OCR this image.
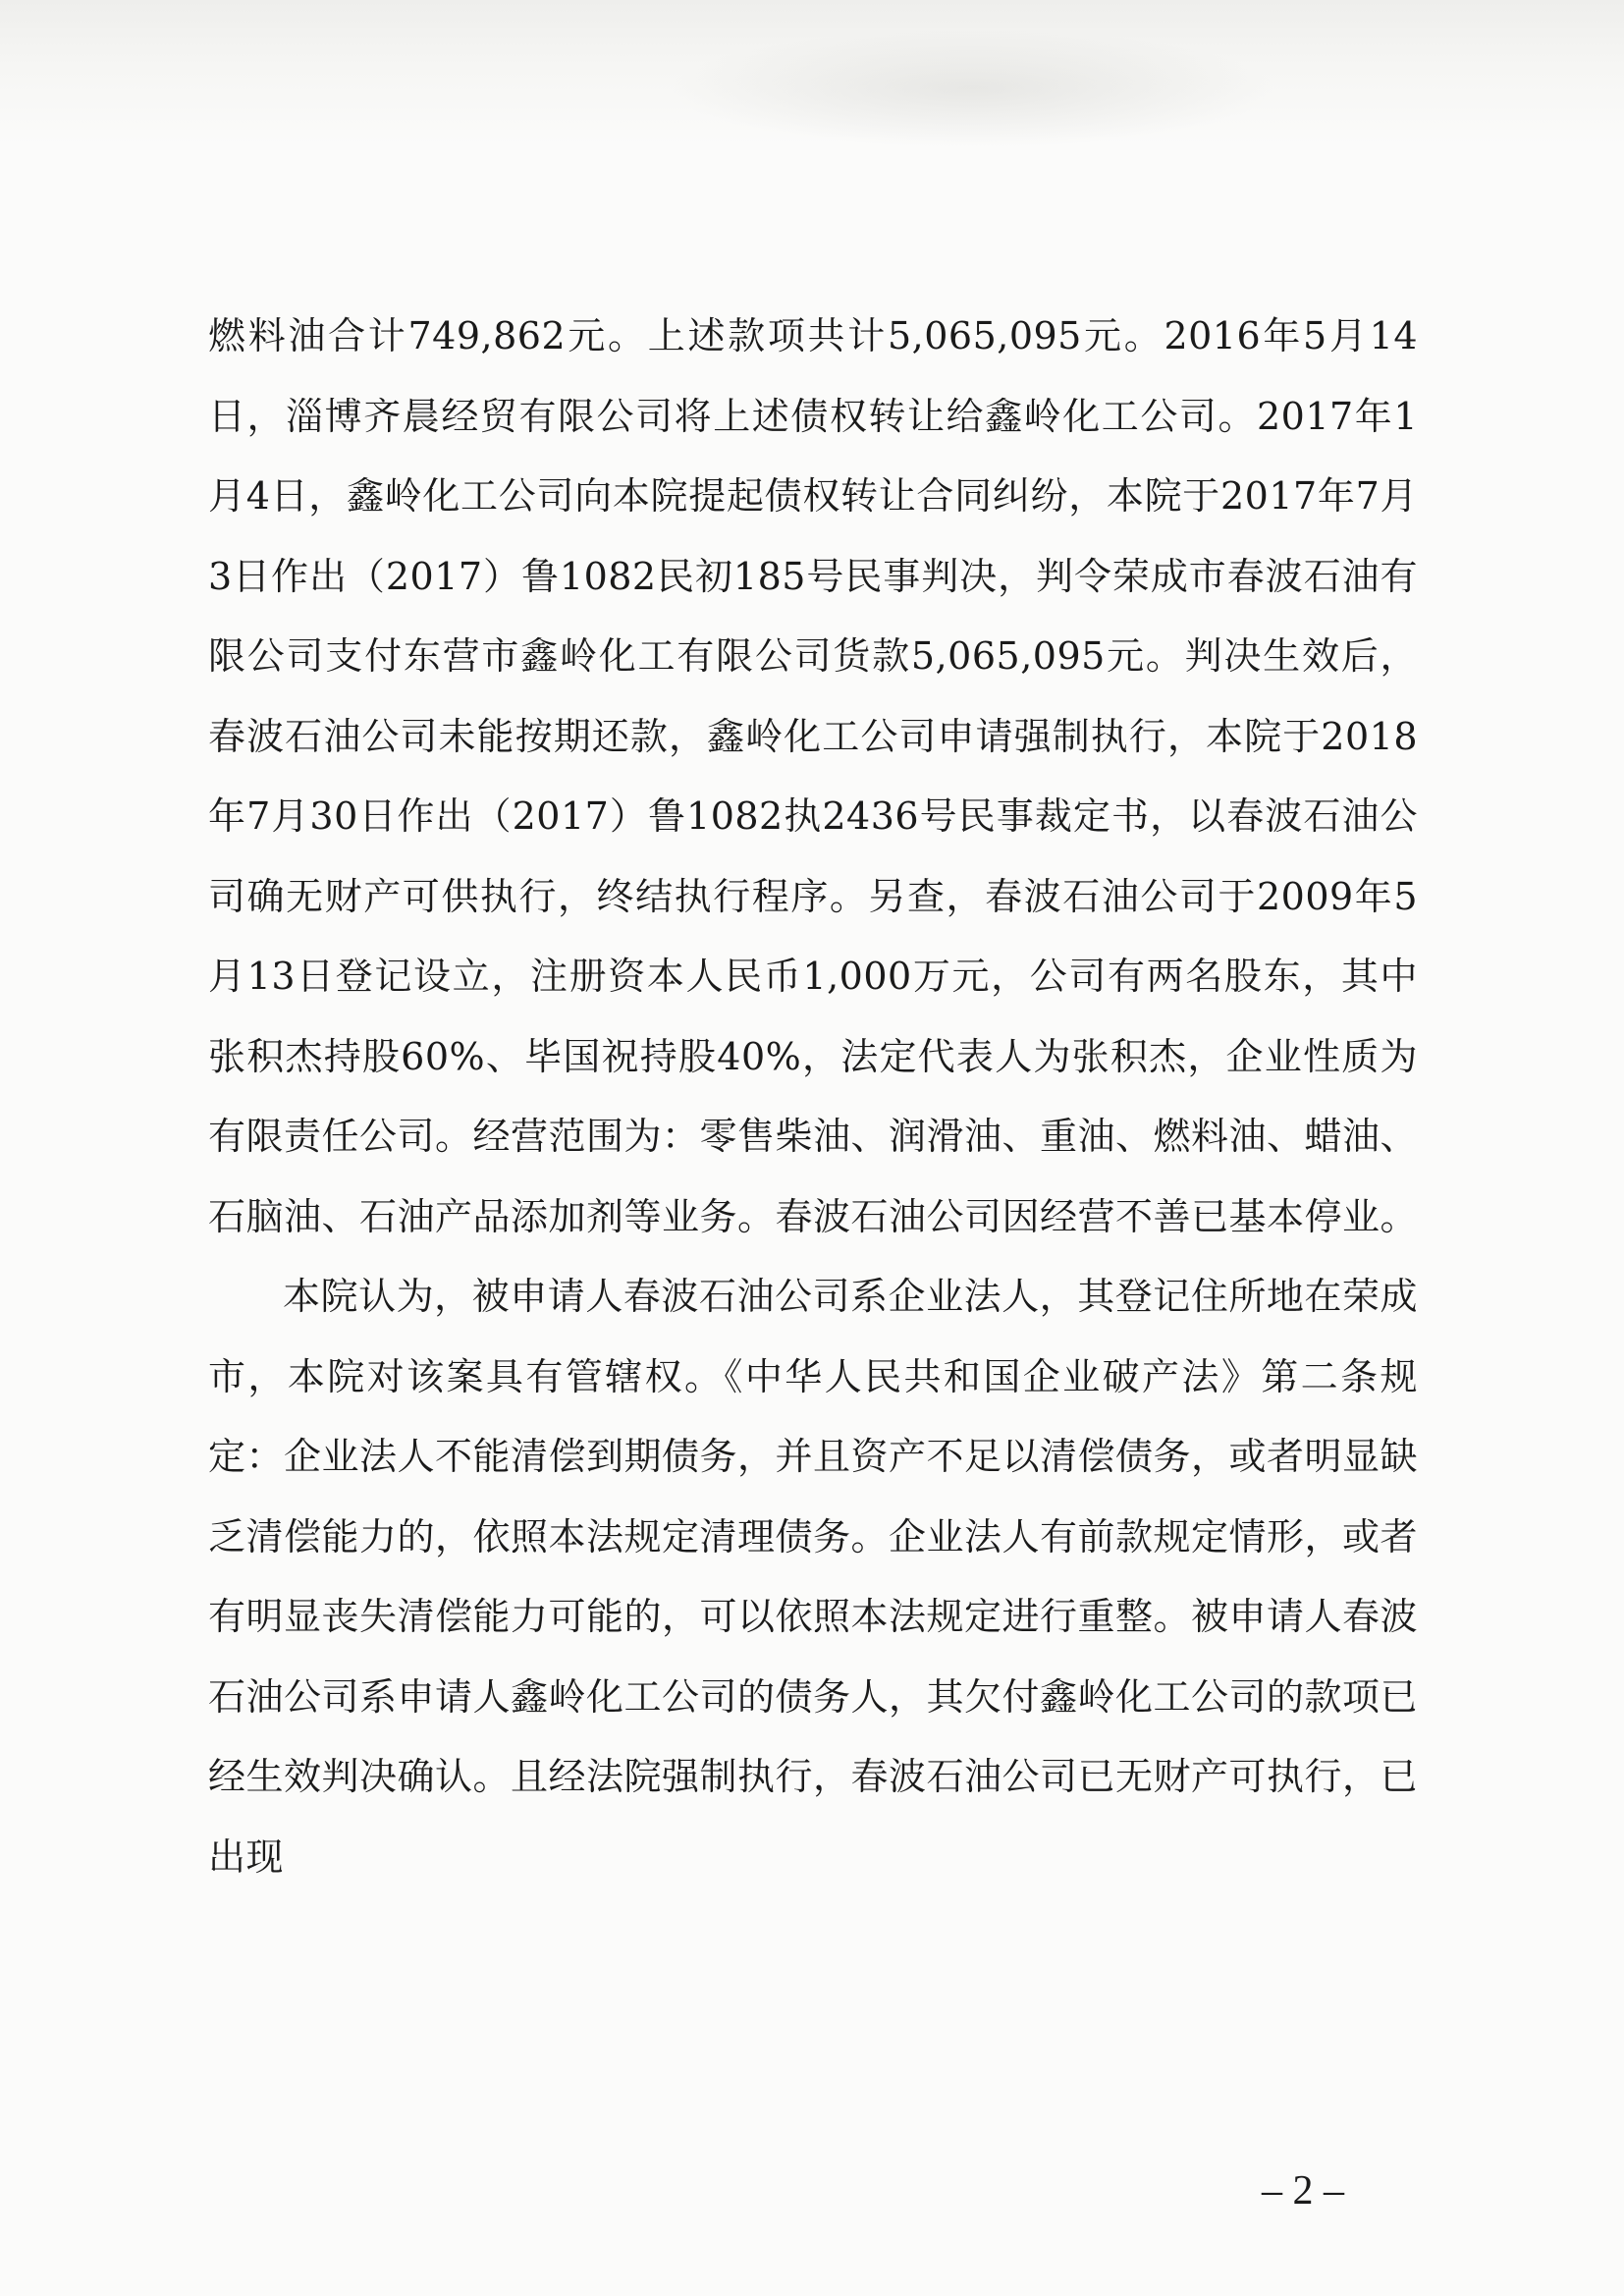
燃料油合计749,862元。上述款项共计5,065,095元。2016年5月14日，淄博齐晨经贸有限公司将上述债权转让给鑫岭化工公司。2017年1月4日，鑫岭化工公司向本院提起债权转让合同纠纷，本院于2017年7月3日作出（2017）鲁1082民初185号民事判决，判令荣成市春波石油有限公司支付东营市鑫岭化工有限公司货款5,065,095元。判决生效后，春波石油公司未能按期还款，鑫岭化工公司申请强制执行，本院于2018年7月30日作出（2017）鲁1082执2436号民事裁定书，以春波石油公司确无财产可供执行，终结执行程序。另查，春波石油公司于2009年5月13日登记设立，注册资本人民币1,000万元，公司有两名股东，其中张积杰持股60%、毕国祝持股40%，法定代表人为张积杰，企业性质为有限责任公司。经营范围为：零售柴油、润滑油、重油、燃料油、蜡油、石脑油、石油产品添加剂等业务。春波石油公司因经营不善已基本停业。

本院认为，被申请人春波石油公司系企业法人，其登记住所地在荣成市，本院对该案具有管辖权。《中华人民共和国企业破产法》第二条规定：企业法人不能清偿到期债务，并且资产不足以清偿债务，或者明显缺乏清偿能力的，依照本法规定清理债务。企业法人有前款规定情形，或者有明显丧失清偿能力可能的，可以依照本法规定进行重整。被申请人春波石油公司系申请人鑫岭化工公司的债务人，其欠付鑫岭化工公司的款项已经生效判决确认。且经法院强制执行，春波石油公司已无财产可执行，已出现

– 2 –
